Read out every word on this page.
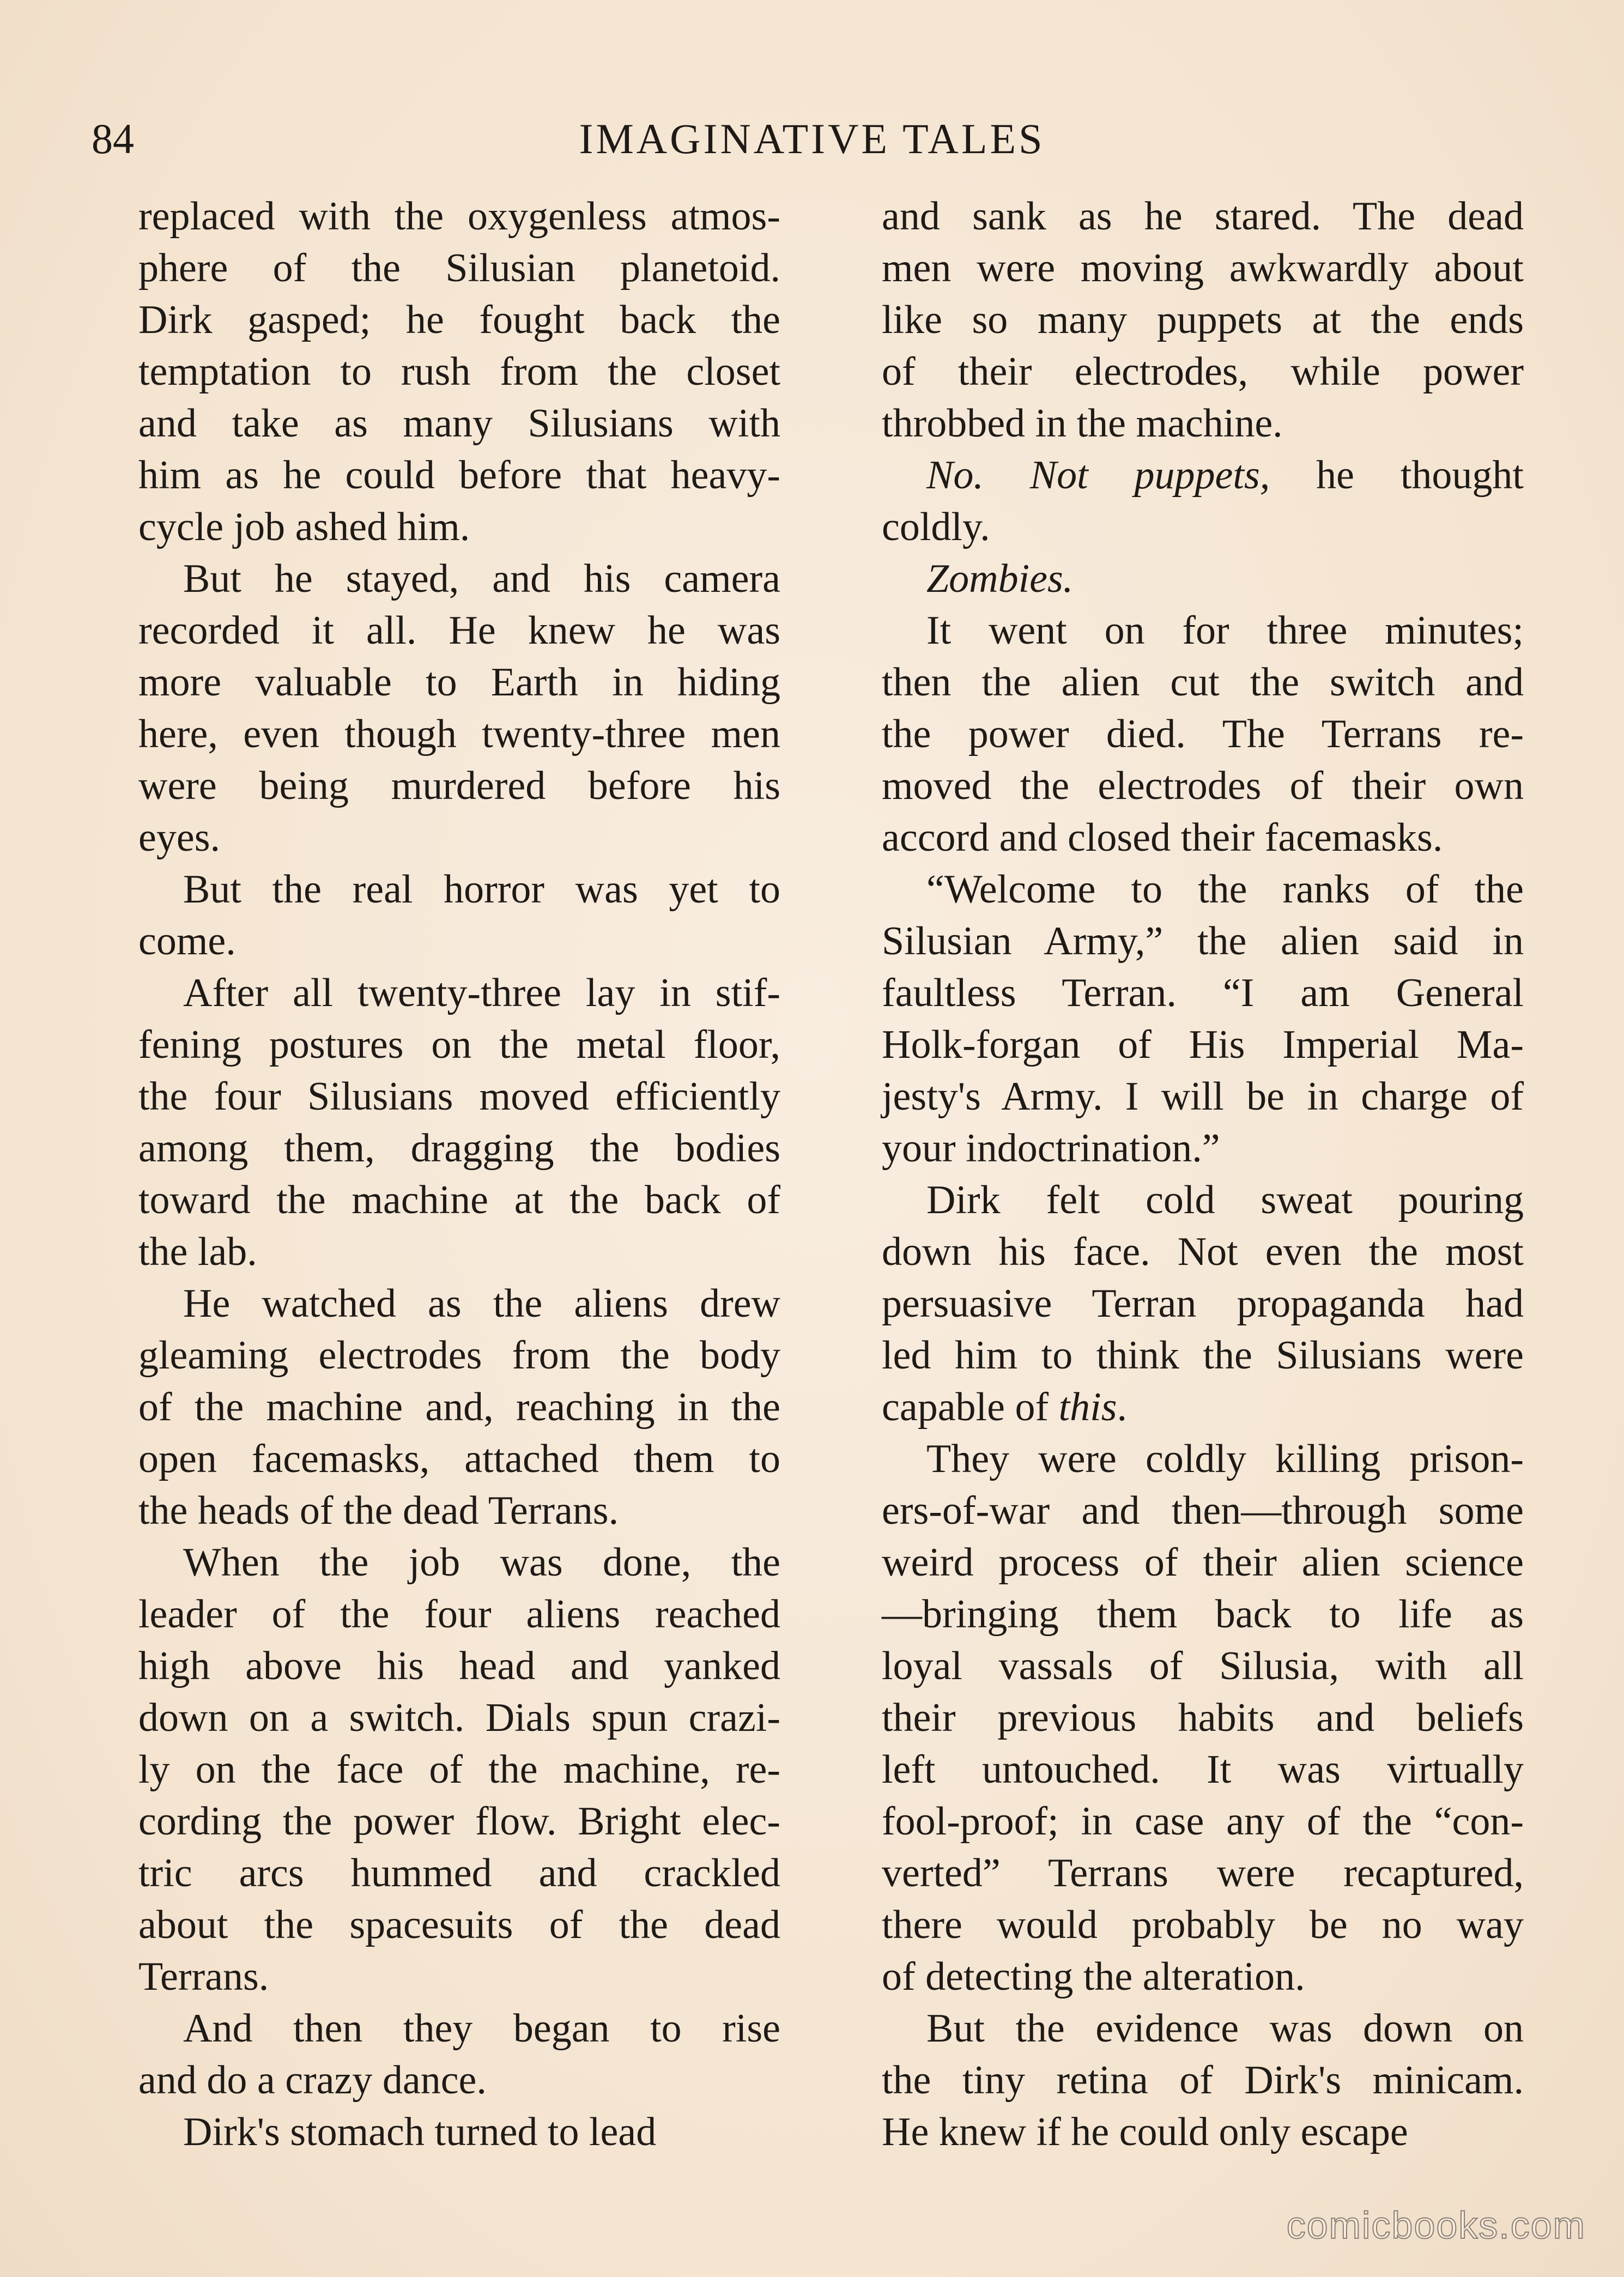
84	IMAGINATIVE TALES
replaced with the oxygenless atmos-
phere of the Silusian planetoid.
Dirk gasped; he fought back the
temptation to rush from the closet
and take as many Silusians with
him as he could before that heavy-
cycle job ashed him.
But he stayed, and his camera
recorded it all. He knew he was
more valuable to Earth in hiding
here, even though twenty-three men
were being murdered before his
eyes.
But the real horror was yet to
come.
After all twenty-three lay in stif-
fening postures on the metal floor,
the four Silusians moved efficiently
among them, dragging the bodies
toward the machine at the back of
the lab.
He watched as the aliens drew
gleaming electrodes from the body
of the machine and, reaching in the
open facemasks, attached them to
the heads of the dead Terrans.
When the job was done, the
leader of the four aliens reached
high above his head and yanked
down on a switch. Dials spun crazi-
ly on the face of the machine, re-
cording the power flow. Bright elec-
tric arcs hummed and crackled
about the spacesuits of the dead
Terrans.
And then they began to rise
and do a crazy dance.
Dirk's stomach turned to lead
and sank as he stared. The dead
men were moving awkwardly about
like so many puppets at the ends
of their electrodes, while power
throbbed in the machine.
No. Not puppets, he thought
coldly.
Zombies.
It went on for three minutes;
then the alien cut the switch and
the power died. The Terrans re-
moved the electrodes of their own
accord and closed their facemasks.
“Welcome to the ranks of the
Silusian Army,” the alien said in
faultless Terran. “I am General
Holk-forgan of His Imperial Ma-
jesty's Army. I will be in charge of
your indoctrination.”
Dirk felt cold sweat pouring
down his face. Not even the most
persuasive Terran propaganda had
led him to think the Silusians were
capable of this.
They were coldly killing prison-
ers-of-war and then—through some
weird process of their alien science
—bringing them back to life as
loyal vassals of Silusia, with all
their previous habits and beliefs
left untouched. It was virtually
fool-proof; in case any of the “con-
verted” Terrans were recaptured,
there would probably be no way
of detecting the alteration.
But the evidence was down on
the tiny retina of Dirk's minicam.
He knew if he could only escape
comicbooks.com
